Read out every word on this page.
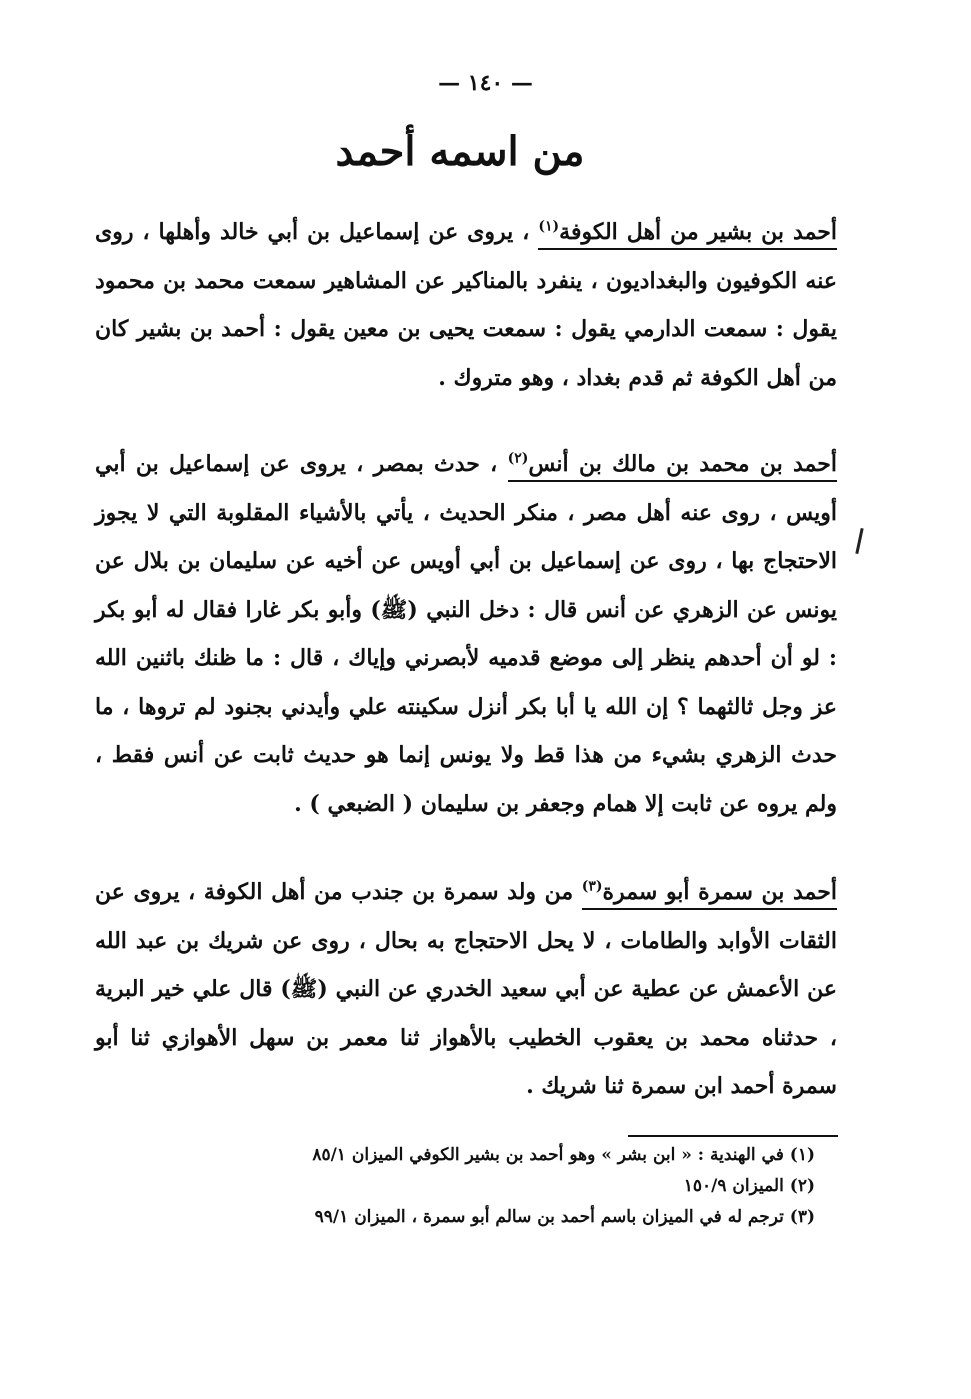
— ١٤٠ —
من اسمه أحمد
أحمد بن بشير من أهل الكوفة$^{(١)}$ ، يروى عن إسماعيل بن أبي خالد وأهلها ، روى عنه الكوفيون والبغداديون ، ينفرد بالمناكير عن المشاهير سمعت محمد بن محمود يقول : سمعت الدارمي يقول : سمعت يحيى بن معين يقول : أحمد بن بشير كان من أهل الكوفة ثم قدم بغداد ، وهو متروك .
أحمد بن محمد بن مالك بن أنس$^{(٢)}$ ، حدث بمصر ، يروى عن إسماعيل بن أبي أويس ، روى عنه أهل مصر ، منكر الحديث ، يأتي بالأشياء المقلوبة التي لا يجوز الاحتجاج بها ، روى عن إسماعيل بن أبي أويس عن أخيه عن سليمان بن بلال عن يونس عن الزهري عن أنس قال : دخل النبي (ﷺ) وأبو بكر غارا فقال له أبو بكر : لو أن أحدهم ينظر إلى موضع قدميه لأبصرني وإياك ، قال : ما ظنك باثنين الله عز وجل ثالثهما ؟ إن الله يا أبا بكر أنزل سكينته علي وأيدني بجنود لم تروها ، ما حدث الزهري بشيء من هذا قط ولا يونس إنما هو حديث ثابت عن أنس فقط ، ولم يروه عن ثابت إلا همام وجعفر بن سليمان ( الضبعي ) .
أحمد بن سمرة أبو سمرة$^{(٣)}$ من ولد سمرة بن جندب من أهل الكوفة ، يروى عن الثقات الأوابد والطامات ، لا يحل الاحتجاج به بحال ، روى عن شريك بن عبد الله عن الأعمش عن عطية عن أبي سعيد الخدري عن النبي (ﷺ) قال علي خير البرية ، حدثناه محمد بن يعقوب الخطيب بالأهواز ثنا معمر بن سهل الأهوازي ثنا أبو سمرة أحمد ابن سمرة ثنا شريك .
(١) في الهندية : « ابن بشر » وهو أحمد بن بشير الكوفي الميزان ٨٥/١
(٢) الميزان ١٥٠/٩
(٣) ترجم له في الميزان باسم أحمد بن سالم أبو سمرة ، الميزان ٩٩/١
